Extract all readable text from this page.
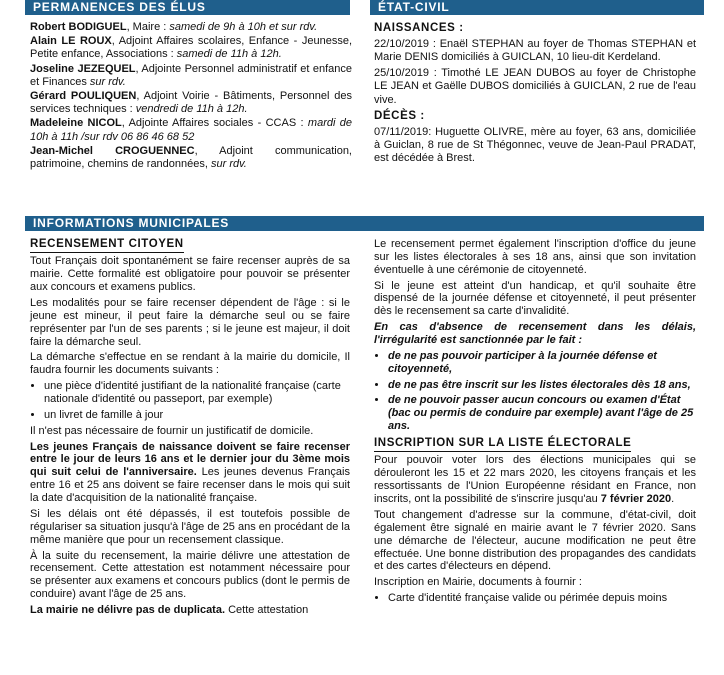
PERMANENCES DES ÉLUS	ÉTAT-CIVIL

Robert BODIGUEL, Maire : samedi de 9h à 10h et sur rdv.

Alain LE ROUX, Adjoint Affaires scolaires, Enfance - Jeunesse, Petite enfance, Associations : samedi de 11h à 12h.

Joseline JEZEQUEL, Adjointe Personnel administratif et enfance et Finances sur rdv.

Gérard POULIQUEN, Adjoint Voirie - Bâtiments, Personnel des services techniques : vendredi de 11h à 12h.

Madeleine NICOL, Adjointe Affaires sociales - CCAS : mardi de 10h à 11h /sur rdv 06 86 46 68 52

Jean-Michel CROGUENNEC, Adjoint communication, patrimoine, chemins de randonnées, sur rdv.

NAISSANCES :

22/10/2019 : Enaël STEPHAN au foyer de Thomas STEPHAN et Marie DENIS domiciliés à GUICLAN, 10 lieu-dit Kerdeland.

25/10/2019 : Timothé LE JEAN DUBOS au foyer de Christophe LE JEAN et Gaëlle DUBOS domiciliés à GUICLAN, 2 rue de l'eau vive.

DÉCÈS :

07/11/2019: Huguette OLIVRE, mère au foyer, 63 ans, domiciliée à Guiclan, 8 rue de St Thégonnec, veuve de Jean-Paul PRADAT, est décédée à Brest.

INFORMATIONS MUNICIPALES
RECENSEMENT CITOYEN

Tout Français doit spontanément se faire recenser auprès de sa mairie. Cette formalité est obligatoire pour pouvoir se présenter aux concours et examens publics.

Les modalités pour se faire recenser dépendent de l'âge : si le jeune est mineur, il peut faire la démarche seul ou se faire représenter par l'un de ses parents ; si le jeune est majeur, il doit faire la démarche seul.

La démarche s'effectue en se rendant à la mairie du domicile, Il faudra fournir les documents suivants :

• une pièce d'identité justifiant de la nationalité française (carte nationale d'identité ou passeport, par exemple)
• un livret de famille à jour

Il n'est pas nécessaire de fournir un justificatif de domicile.

Les jeunes Français de naissance doivent se faire recenser entre le jour de leurs 16 ans et le dernier jour du 3ème mois qui suit celui de l'anniversaire. Les jeunes devenus Français entre 16 et 25 ans doivent se faire recenser dans le mois qui suit la date d'acquisition de la nationalité française.

Si les délais ont été dépassés, il est toutefois possible de régulariser sa situation jusqu'à l'âge de 25 ans en procédant de la même manière que pour un recensement classique.

À la suite du recensement, la mairie délivre une attestation de recensement. Cette attestation est notamment nécessaire pour se présenter aux examens et concours publics (dont le permis de conduire) avant l'âge de 25 ans.

La mairie ne délivre pas de duplicata. Cette attestation

Le recensement permet également l'inscription d'office du jeune sur les listes électorales à ses 18 ans, ainsi que son invitation éventuelle à une cérémonie de citoyenneté.

Si le jeune est atteint d'un handicap, et qu'il souhaite être dispensé de la journée défense et citoyenneté, il peut présenter dès le recensement sa carte d'invalidité.

En cas d'absence de recensement dans les délais, l'irrégularité est sanctionnée par le fait :

• de ne pas pouvoir participer à la journée défense et citoyenneté,
• de ne pas être inscrit sur les listes électorales dès 18 ans,
• de ne pouvoir passer aucun concours ou examen d'État (bac ou permis de conduire par exemple) avant l'âge de 25 ans.
INSCRIPTION SUR LA LISTE ÉLECTORALE

Pour pouvoir voter lors des élections municipales qui se dérouleront les 15 et 22 mars 2020, les citoyens français et les ressortissants de l'Union Européenne résidant en France, non inscrits, ont la possibilité de s'inscrire jusqu'au 7 février 2020.

Tout changement d'adresse sur la commune, d'état-civil, doit également être signalé en mairie avant le 7 février 2020. Sans une démarche de l'électeur, aucune modification ne peut être effectuée. Une bonne distribution des propagandes des candidats et des cartes d'électeurs en dépend.

Inscription en Mairie, documents à fournir :

• Carte d'identité française valide ou périmée depuis moins
